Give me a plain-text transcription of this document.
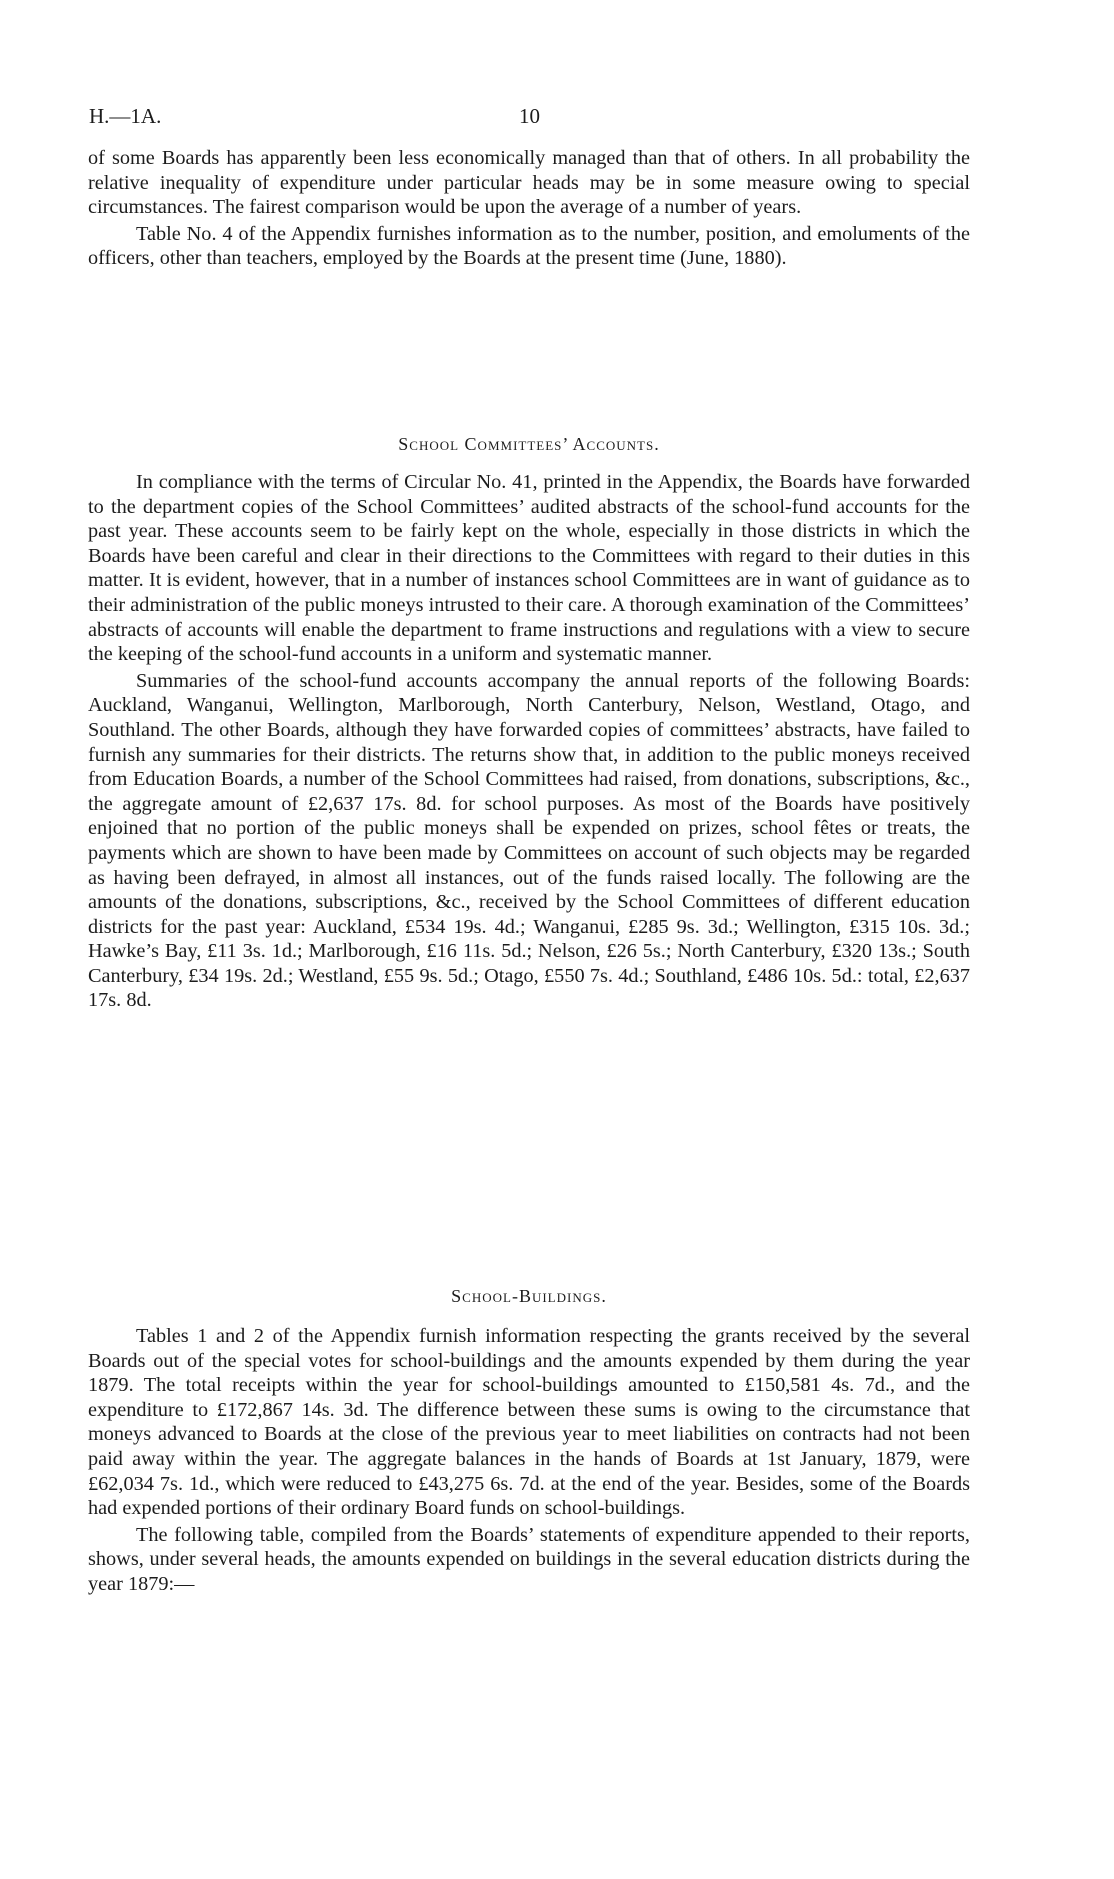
H.—1A.	10

of some Boards has apparently been less economically managed than that of others. In all probability the relative inequality of expenditure under particular heads may be in some measure owing to special circumstances. The fairest comparison would be upon the average of a number of years.

Table No. 4 of the Appendix furnishes information as to the number, position, and emoluments of the officers, other than teachers, employed by the Boards at the present time (June, 1880).

School Committees’ Accounts.

In compliance with the terms of Circular No. 41, printed in the Appendix, the Boards have forwarded to the department copies of the School Committees’ audited abstracts of the school-fund accounts for the past year. These accounts seem to be fairly kept on the whole, especially in those districts in which the Boards have been careful and clear in their directions to the Committees with regard to their duties in this matter. It is evident, however, that in a number of instances school Committees are in want of guidance as to their administration of the public moneys intrusted to their care. A thorough examination of the Committees’ abstracts of accounts will enable the department to frame instructions and regulations with a view to secure the keeping of the school-fund accounts in a uniform and systematic manner.

Summaries of the school-fund accounts accompany the annual reports of the following Boards: Auckland, Wanganui, Wellington, Marlborough, North Canterbury, Nelson, Westland, Otago, and Southland. The other Boards, although they have forwarded copies of committees’ abstracts, have failed to furnish any summaries for their districts. The returns show that, in addition to the public moneys received from Education Boards, a number of the School Committees had raised, from donations, subscriptions, &c., the aggregate amount of £2,637 17s. 8d. for school purposes. As most of the Boards have positively enjoined that no portion of the public moneys shall be expended on prizes, school fêtes or treats, the payments which are shown to have been made by Committees on account of such objects may be regarded as having been defrayed, in almost all instances, out of the funds raised locally. The following are the amounts of the donations, subscriptions, &c., received by the School Committees of different education districts for the past year: Auckland, £534 19s. 4d.; Wanganui, £285 9s. 3d.; Wellington, £315 10s. 3d.; Hawke’s Bay, £11 3s. 1d.; Marlborough, £16 11s. 5d.; Nelson, £26 5s.; North Canterbury, £320 13s.; South Canterbury, £34 19s. 2d.; Westland, £55 9s. 5d.; Otago, £550 7s. 4d.; Southland, £486 10s. 5d.: total, £2,637 17s. 8d.

School-Buildings.

Tables 1 and 2 of the Appendix furnish information respecting the grants received by the several Boards out of the special votes for school-buildings and the amounts expended by them during the year 1879. The total receipts within the year for school-buildings amounted to £150,581 4s. 7d., and the expenditure to £172,867 14s. 3d. The difference between these sums is owing to the circumstance that moneys advanced to Boards at the close of the previous year to meet liabilities on contracts had not been paid away within the year. The aggregate balances in the hands of Boards at 1st January, 1879, were £62,034 7s. 1d., which were reduced to £43,275 6s. 7d. at the end of the year. Besides, some of the Boards had expended portions of their ordinary Board funds on school-buildings.

The following table, compiled from the Boards’ statements of expenditure appended to their reports, shows, under several heads, the amounts expended on buildings in the several education districts during the year 1879:—
